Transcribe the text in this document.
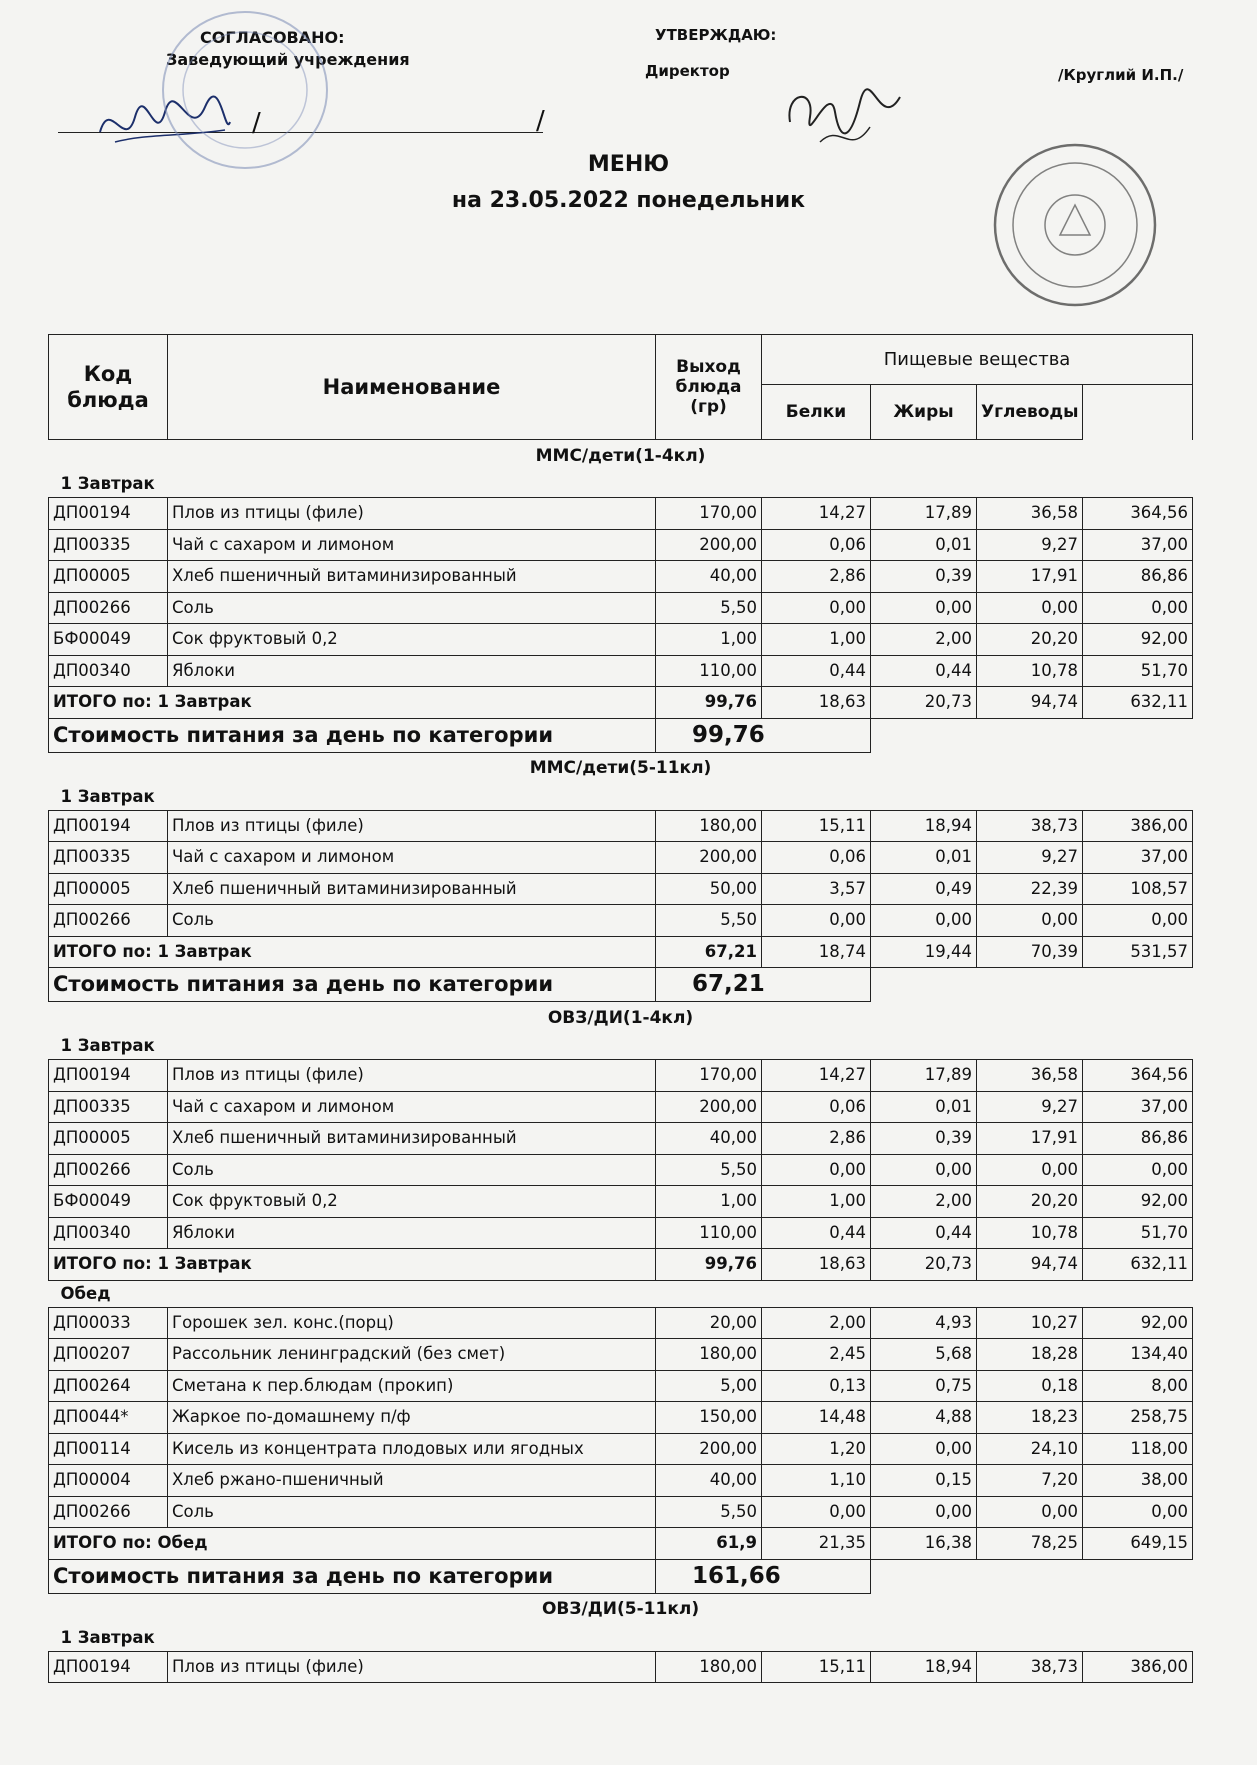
СОГЛАСОВАНО:
Заведующий учреждения
/	/
УТВЕРЖДАЮ:
Директор	/Круглий И.П./
МЕНЮ
на 23.05.2022 понедельник
Код блюда	Наименование	Выход блюда (гр)	Пищевые вещества	
			Белки	Жиры	Углеводы		
ММС/дети(1-4кл)							
1 Завтрак							
ДП00194	Плов из птицы (филе)	170,00	14,27	17,89	36,58	364,56	
ДП00335	Чай с сахаром и лимоном	200,00	0,06	0,01	9,27	37,00	
ДП00005	Хлеб пшеничный витаминизированный	40,00	2,86	0,39	17,91	86,86	
ДП00266	Соль	5,50	0,00	0,00	0,00	0,00	
БФ00049	Сок фруктовый 0,2	1,00	1,00	2,00	20,20	92,00	
ДП00340	Яблоки	110,00	0,44	0,44	10,78	51,70	
ИТОГО по: 1 Завтрак		99,76	18,63	20,73	94,74	632,11	
Стоимость питания за день по категории		99,76					
ММС/дети(5-11кл)							
1 Завтрак							
ДП00194	Плов из птицы (филе)	180,00	15,11	18,94	38,73	386,00	
ДП00335	Чай с сахаром и лимоном	200,00	0,06	0,01	9,27	37,00	
ДП00005	Хлеб пшеничный витаминизированный	50,00	3,57	0,49	22,39	108,57	
ДП00266	Соль	5,50	0,00	0,00	0,00	0,00	
ИТОГО по: 1 Завтрак		67,21	18,74	19,44	70,39	531,57	
Стоимость питания за день по категории		67,21					
ОВЗ/ДИ(1-4кл)							
1 Завтрак							
ДП00194	Плов из птицы (филе)	170,00	14,27	17,89	36,58	364,56	
ДП00335	Чай с сахаром и лимоном	200,00	0,06	0,01	9,27	37,00	
ДП00005	Хлеб пшеничный витаминизированный	40,00	2,86	0,39	17,91	86,86	
ДП00266	Соль	5,50	0,00	0,00	0,00	0,00	
БФ00049	Сок фруктовый 0,2	1,00	1,00	2,00	20,20	92,00	
ДП00340	Яблоки	110,00	0,44	0,44	10,78	51,70	
ИТОГО по: 1 Завтрак		99,76	18,63	20,73	94,74	632,11	
Обед							
ДП00033	Горошек зел. конс.(порц)	20,00	2,00	4,93	10,27	92,00	
ДП00207	Рассольник ленинградский (без смет)	180,00	2,45	5,68	18,28	134,40	
ДП00264	Сметана к пер.блюдам (прокип)	5,00	0,13	0,75	0,18	8,00	
ДП0044*	Жаркое по-домашнему п/ф	150,00	14,48	4,88	18,23	258,75	
ДП00114	Кисель из концентрата плодовых или ягодных	200,00	1,20	0,00	24,10	118,00	
ДП00004	Хлеб ржано-пшеничный	40,00	1,10	0,15	7,20	38,00	
ДП00266	Соль	5,50	0,00	0,00	0,00	0,00	
ИТОГО по: Обед		61,9	21,35	16,38	78,25	649,15	
Стоимость питания за день по категории		161,66					
ОВЗ/ДИ(5-11кл)							
1 Завтрак							
ДП00194	Плов из птицы (филе)	180,00	15,11	18,94	38,73	386,00	
